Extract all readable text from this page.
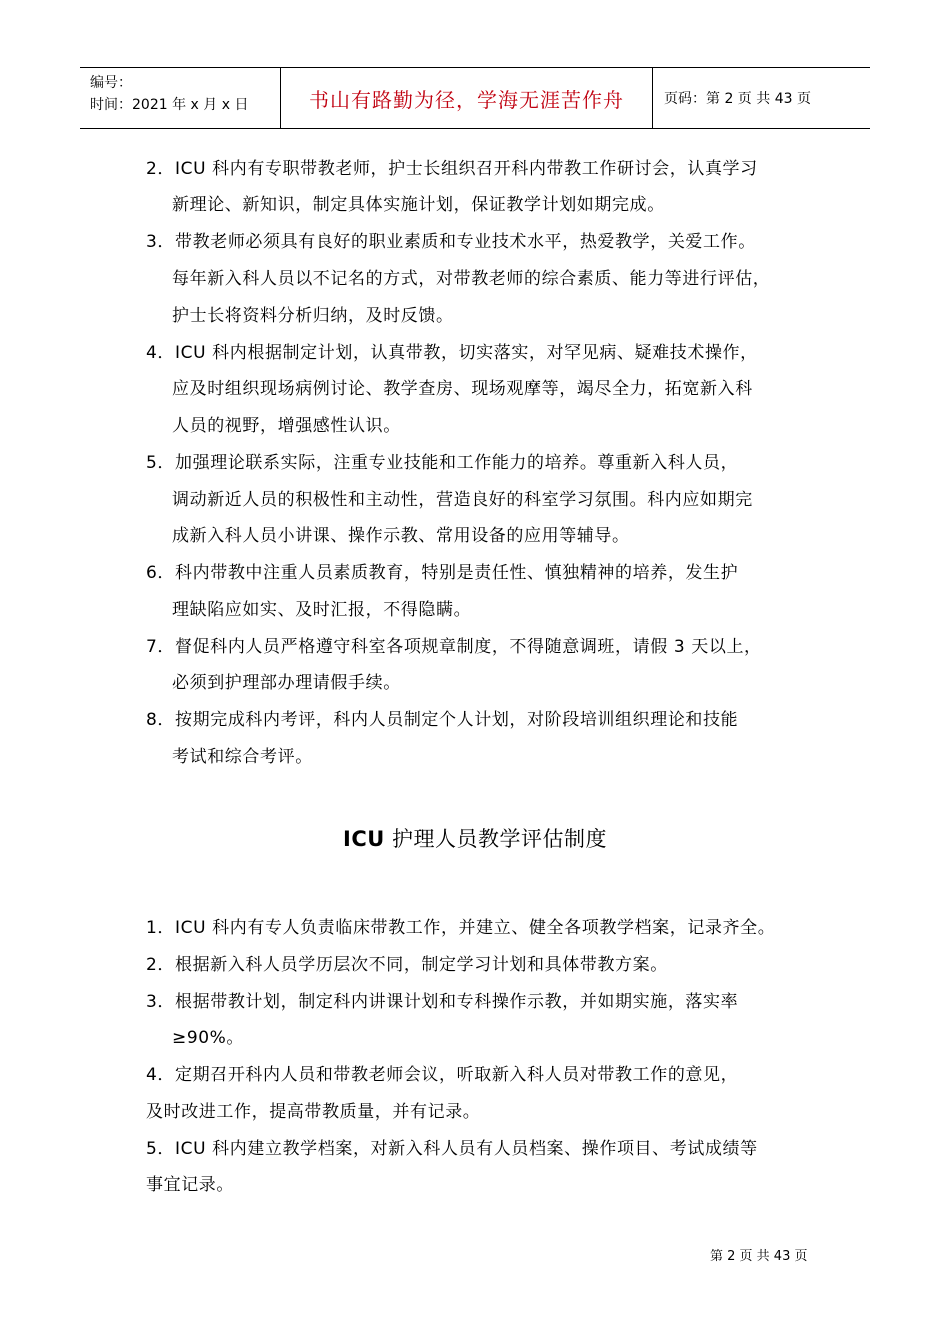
编号：
时间：2021 年 x 月 x 日	书山有路勤为径，学海无涯苦作舟	页码：第 2 页 共 43 页
2．ICU 科内有专职带教老师，护士长组织召开科内带教工作研讨会，认真学习
新理论、新知识，制定具体实施计划，保证教学计划如期完成。
3．带教老师必须具有良好的职业素质和专业技术水平，热爱教学，关爱工作。
每年新入科人员以不记名的方式，对带教老师的综合素质、能力等进行评估，
护士长将资料分析归纳，及时反馈。
4．ICU 科内根据制定计划，认真带教，切实落实，对罕见病、疑难技术操作，
应及时组织现场病例讨论、教学查房、现场观摩等，竭尽全力，拓宽新入科
人员的视野，增强感性认识。
5．加强理论联系实际，注重专业技能和工作能力的培养。尊重新入科人员，
调动新近人员的积极性和主动性，营造良好的科室学习氛围。科内应如期完
成新入科人员小讲课、操作示教、常用设备的应用等辅导。
6．科内带教中注重人员素质教育，特别是责任性、慎独精神的培养，发生护
理缺陷应如实、及时汇报，不得隐瞒。
7．督促科内人员严格遵守科室各项规章制度，不得随意调班，请假 3 天以上，
必须到护理部办理请假手续。
8．按期完成科内考评，科内人员制定个人计划，对阶段培训组织理论和技能
考试和综合考评。
ICU 护理人员教学评估制度
1．ICU 科内有专人负责临床带教工作，并建立、健全各项教学档案，记录齐全。
2．根据新入科人员学历层次不同，制定学习计划和具体带教方案。
3．根据带教计划，制定科内讲课计划和专科操作示教，并如期实施，落实率
≥90%。
4．定期召开科内人员和带教老师会议，听取新入科人员对带教工作的意见，
及时改进工作，提高带教质量，并有记录。
5．ICU 科内建立教学档案，对新入科人员有人员档案、操作项目、考试成绩等
事宜记录。
第 2 页 共 43 页
